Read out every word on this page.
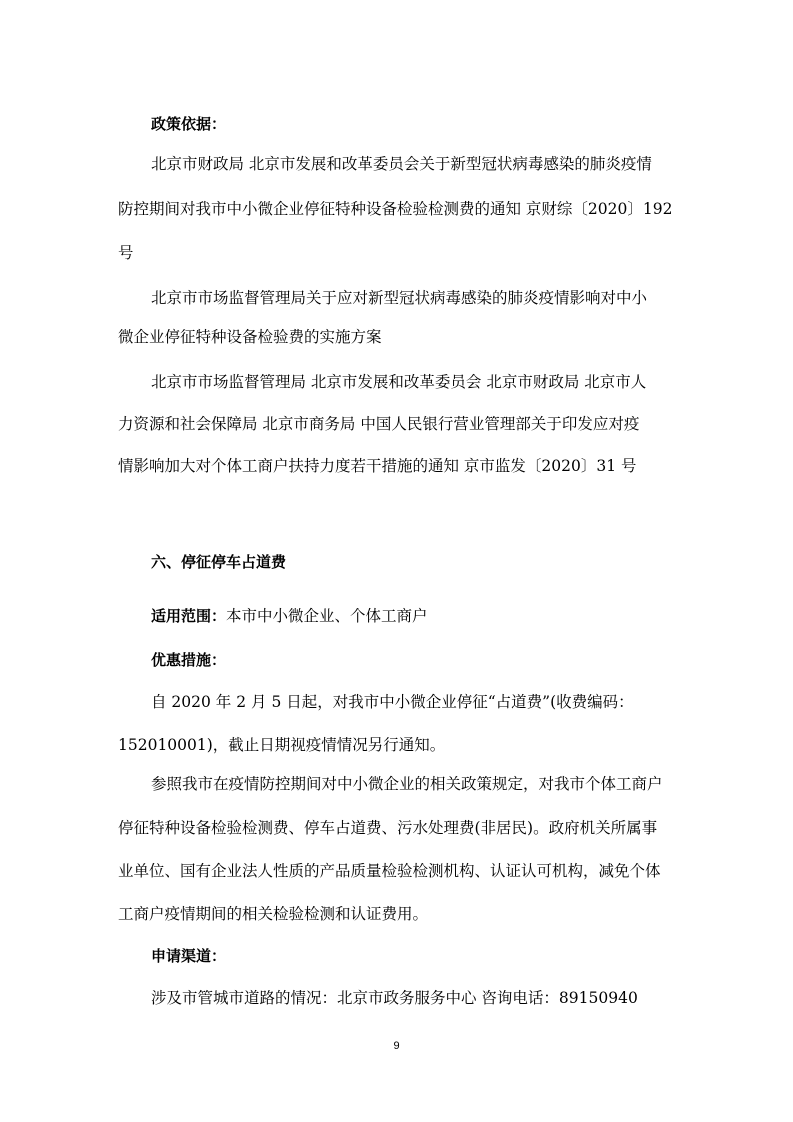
政策依据：
北京市财政局 北京市发展和改革委员会关于新型冠状病毒感染的肺炎疫情
防控期间对我市中小微企业停征特种设备检验检测费的通知 京财综〔2020〕192
号
北京市市场监督管理局关于应对新型冠状病毒感染的肺炎疫情影响对中小
微企业停征特种设备检验费的实施方案
北京市市场监督管理局 北京市发展和改革委员会 北京市财政局 北京市人
力资源和社会保障局 北京市商务局 中国人民银行营业管理部关于印发应对疫
情影响加大对个体工商户扶持力度若干措施的通知 京市监发〔2020〕31 号
六、停征停车占道费
适用范围：本市中小微企业、个体工商户
优惠措施：
自 2020 年 2 月 5 日起，对我市中小微企业停征“占道费”(收费编码：
152010001)，截止日期视疫情情况另行通知。
参照我市在疫情防控期间对中小微企业的相关政策规定，对我市个体工商户
停征特种设备检验检测费、停车占道费、污水处理费(非居民)。政府机关所属事
业单位、国有企业法人性质的产品质量检验检测机构、认证认可机构，减免个体
工商户疫情期间的相关检验检测和认证费用。
申请渠道：
涉及市管城市道路的情况：北京市政务服务中心 咨询电话：89150940
9
